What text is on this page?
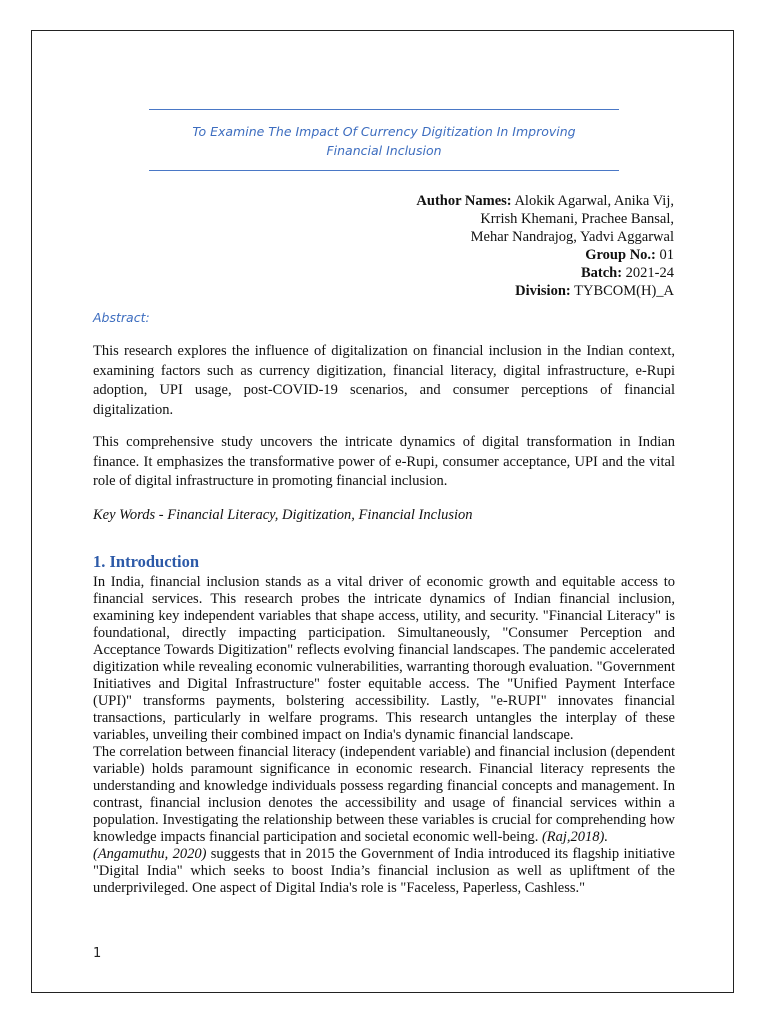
To Examine The Impact Of Currency Digitization In Improving
Financial Inclusion
Author Names: Alokik Agarwal, Anika Vij,
Krrish Khemani, Prachee Bansal,
Mehar Nandrajog, Yadvi Aggarwal
Group No.: 01
Batch: 2021-24
Division: TYBCOM(H)_A
Abstract:
This research explores the influence of digitalization on financial inclusion in the Indian context, examining factors such as currency digitization, financial literacy, digital infrastructure, e-Rupi adoption, UPI usage, post-COVID-19 scenarios, and consumer perceptions of financial digitalization.
This comprehensive study uncovers the intricate dynamics of digital transformation in Indian finance. It emphasizes the transformative power of e-Rupi, consumer acceptance, UPI and the vital role of digital infrastructure in promoting financial inclusion.
Key Words - Financial Literacy, Digitization, Financial Inclusion
1. Introduction

In India, financial inclusion stands as a vital driver of economic growth and equitable access to financial services. This research probes the intricate dynamics of Indian financial inclusion, examining key independent variables that shape access, utility, and security. "Financial Literacy" is foundational, directly impacting participation. Simultaneously, "Consumer Perception and Acceptance Towards Digitization" reflects evolving financial landscapes. The pandemic accelerated digitization while revealing economic vulnerabilities, warranting thorough evaluation. "Government Initiatives and Digital Infrastructure" foster equitable access. The "Unified Payment Interface (UPI)" transforms payments, bolstering accessibility. Lastly, "e-RUPI" innovates financial transactions, particularly in welfare programs. This research untangles the interplay of these variables, unveiling their combined impact on India's dynamic financial landscape.

The correlation between financial literacy (independent variable) and financial inclusion (dependent variable) holds paramount significance in economic research. Financial literacy represents the understanding and knowledge individuals possess regarding financial concepts and management. In contrast, financial inclusion denotes the accessibility and usage of financial services within a population. Investigating the relationship between these variables is crucial for comprehending how knowledge impacts financial participation and societal economic well-being. (Raj,2018).

(Angamuthu, 2020) suggests that in 2015 the Government of India introduced its flagship initiative "Digital India" which seeks to boost India’s financial inclusion as well as upliftment of the underprivileged. One aspect of Digital India's role is "Faceless, Paperless, Cashless."

1
